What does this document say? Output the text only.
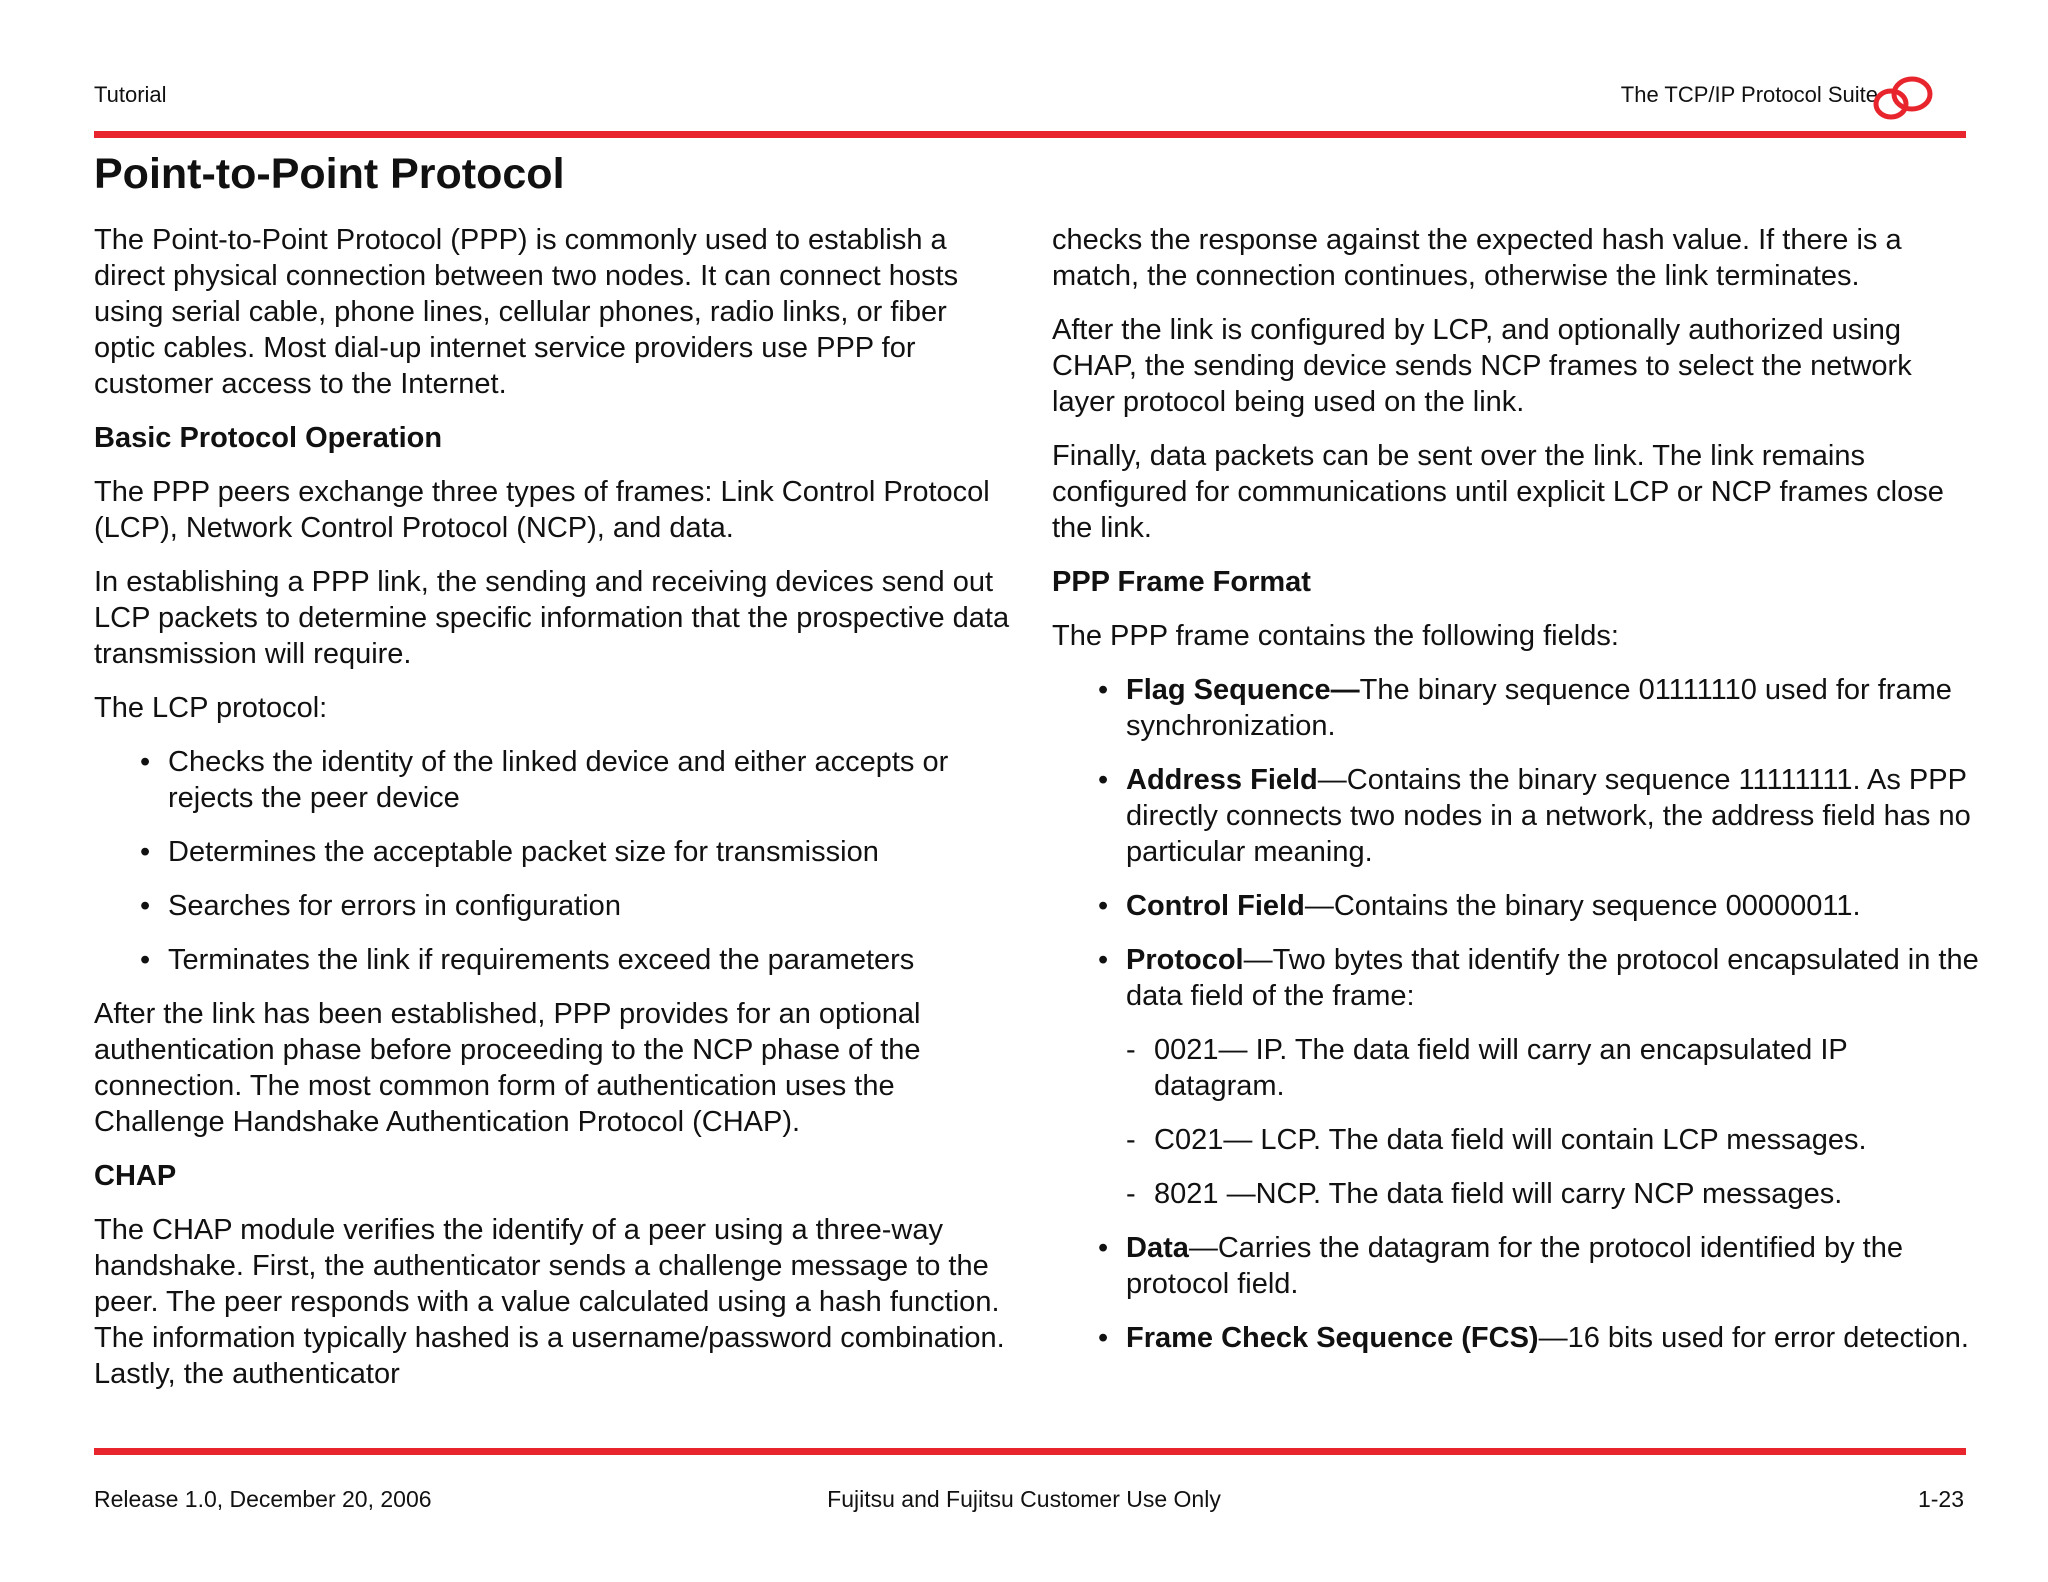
Tutorial	The TCP/IP Protocol Suite
Point-to-Point Protocol

The Point-to-Point Protocol (PPP) is commonly used to establish a direct physical connection between two nodes. It can connect hosts using serial cable, phone lines, cellular phones, radio links, or fiber optic cables. Most dial-up internet service providers use PPP for customer access to the Internet.

Basic Protocol Operation

The PPP peers exchange three types of frames: Link Control Protocol (LCP), Network Control Protocol (NCP), and data.

In establishing a PPP link, the sending and receiving devices send out LCP packets to determine specific information that the prospective data transmission will require.

The LCP protocol:

• Checks the identity of the linked device and either accepts or rejects the peer device
• Determines the acceptable packet size for transmission
• Searches for errors in configuration
• Terminates the link if requirements exceed the parameters

After the link has been established, PPP provides for an optional authentication phase before proceeding to the NCP phase of the connection. The most common form of authentication uses the Challenge Handshake Authentication Protocol (CHAP).

CHAP

The CHAP module verifies the identify of a peer using a three-way handshake. First, the authenticator sends a challenge message to the peer. The peer responds with a value calculated using a hash function. The information typically hashed is a username/password combination. Lastly, the authenticator

checks the response against the expected hash value. If there is a match, the connection continues, otherwise the link terminates.

After the link is configured by LCP, and optionally authorized using CHAP, the sending device sends NCP frames to select the network layer protocol being used on the link.

Finally, data packets can be sent over the link. The link remains configured for communications until explicit LCP or NCP frames close the link.

PPP Frame Format

The PPP frame contains the following fields:

• Flag Sequence—The binary sequence 01111110 used for frame synchronization.
• Address Field—Contains the binary sequence 11111111. As PPP directly connects two nodes in a network, the address field has no particular meaning.
• Control Field—Contains the binary sequence 00000011.
• Protocol—Two bytes that identify the protocol encapsulated in the data field of the frame:
- 0021— IP. The data field will carry an encapsulated IP datagram.
- C021— LCP. The data field will contain LCP messages.
- 8021 —NCP. The data field will carry NCP messages.
• Data—Carries the datagram for the protocol identified by the protocol field.
• Frame Check Sequence (FCS)—16 bits used for error detection.
Release 1.0, December 20, 2006	Fujitsu and Fujitsu Customer Use Only	1-23
